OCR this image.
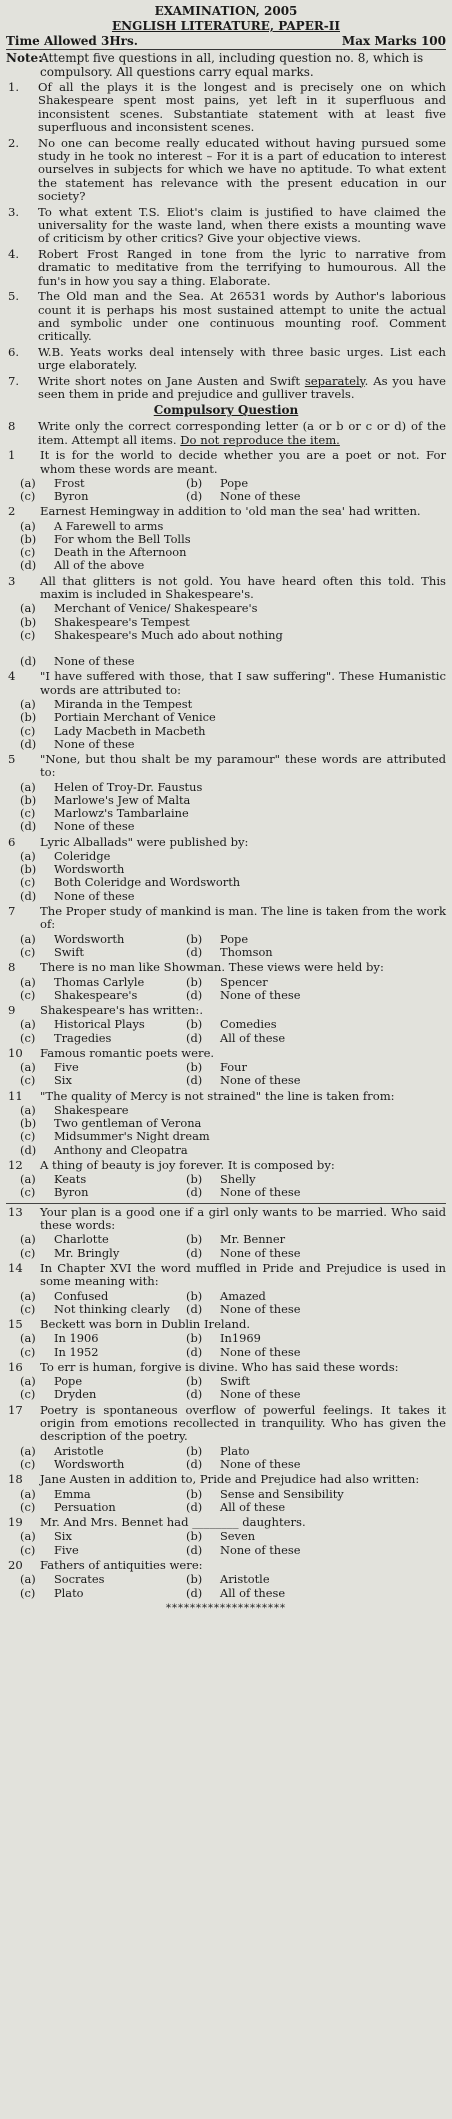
EXAMINATION, 2005
ENGLISH LITERATURE, PAPER-II
Time Allowed 3Hrs.	Max Marks 100
Note:Attempt five questions in all, including question no. 8, which is compulsory. All questions carry equal marks.
1.	Of all the plays it is the longest and is precisely one on which Shakespeare spent most pains, yet left in it superfluous and inconsistent scenes. Substantiate statement with at least five superfluous and inconsistent scenes.
2.	No one can become really educated without having pursued some study in he took no interest – For it is a part of education to interest ourselves in subjects for which we have no aptitude. To what extent the statement has relevance with the present education in our society?
3.	To what extent T.S. Eliot's claim is justified to have claimed the universality for the waste land, when there exists a mounting wave of criticism by other critics? Give your objective views.
4.	Robert Frost Ranged in tone from the lyric to narrative from dramatic to meditative from the terrifying to humourous. All the fun's in how you say a thing. Elaborate.
5.	The Old man and the Sea. At 26531 words by Author's laborious count it is perhaps his most sustained attempt to unite the actual and symbolic under one continuous mounting roof. Comment critically.
6.	W.B. Yeats works deal intensely with three basic urges. List each urge elaborately.
7.	Write short notes on Jane Austen and Swift separately. As you have seen them in pride and prejudice and gulliver travels.
Compulsory Question
8	Write only the correct corresponding letter (a or b or c or d) of the item. Attempt all items. Do not reproduce the item.
1	It is for the world to decide whether you are a poet or not. For whom these words are meant.
(a)	Frost	(b)	Pope
(c)	Byron	(d)	None of these
2	Earnest Hemingway in addition to 'old man the sea' had written.
(a)	A Farewell to arms
(b)	For whom the Bell Tolls
(c)	Death in the Afternoon
(d)	All of the above
3	All that glitters is not gold. You have heard often this told. This maxim is included in Shakespeare's.
(a)	Merchant of Venice/ Shakespeare's
(b)	Shakespeare's Tempest
(c)	Shakespeare's Much ado about nothing

(d)	None of these
4	"I have suffered with those, that I saw suffering". These Humanistic words are attributed to:
(a)	Miranda in the Tempest
(b)	Portiain Merchant of Venice
(c)	Lady Macbeth in Macbeth
(d)	None of these
5	"None, but thou shalt be my paramour" these words are attributed to:
(a)	Helen of Troy-Dr. Faustus
(b)	Marlowe's Jew of Malta
(c)	Marlowz's Tambarlaine
(d)	None of these
6	Lyric Alballads" were published by:
(a)	Coleridge
(b)	Wordsworth
(c)	Both Coleridge and Wordsworth
(d)	None of these
7	The Proper study of mankind is man. The line is taken from the work of:
(a)	Wordsworth	(b)	Pope
(c)	Swift	(d)	Thomson
8	There is no man like Showman. These views were held by:
(a)	Thomas Carlyle	(b)	Spencer
(c)	Shakespeare's	(d)	None of these
9	Shakespeare's has written:.
(a)	Historical Plays	(b)	Comedies
(c)	Tragedies	(d)	All of these
10	Famous romantic poets were.
(a)	Five	(b)	Four
(c)	Six	(d)	None of these
11	"The quality of Mercy is not strained" the line is taken from:
(a)	Shakespeare
(b)	Two gentleman of Verona
(c)	Midsummer's Night dream
(d)	Anthony and Cleopatra
12	A thing of beauty is joy forever. It is composed by:
(a)	Keats	(b)	Shelly
(c)	Byron	(d)	None of these
13	Your plan is a good one if a girl only wants to be married. Who said these words:
(a)	Charlotte	(b)	Mr. Benner
(c)	Mr. Bringly	(d)	None of these
14	In Chapter XVI the word muffled in Pride and Prejudice is used in some meaning with:
(a)	Confused	(b)	Amazed
(c)	Not thinking clearly	(d)	None of these
15	Beckett was born in Dublin Ireland.
(a)	In 1906	(b)	In1969
(c)	In 1952	(d)	None of these
16	To err is human, forgive is divine. Who has said these words:
(a)	Pope	(b)	Swift
(c)	Dryden	(d)	None of these
17	Poetry is spontaneous overflow of powerful feelings. It takes it origin from emotions recollected in tranquility. Who has given the description of the poetry.
(a)	Aristotle	(b)	Plato
(c)	Wordsworth	(d)	None of these
18	Jane Austen in addition to, Pride and Prejudice had also written:
(a)	Emma	(b)	Sense and Sensibility
(c)	Persuation	(d)	All of these
19	Mr. And Mrs. Bennet had ________ daughters.
(a)	Six	(b)	Seven
(c)	Five	(d)	None of these
20	Fathers of antiquities were:
(a)	Socrates	(b)	Aristotle
(c)	Plato	(d)	All of these
********************
